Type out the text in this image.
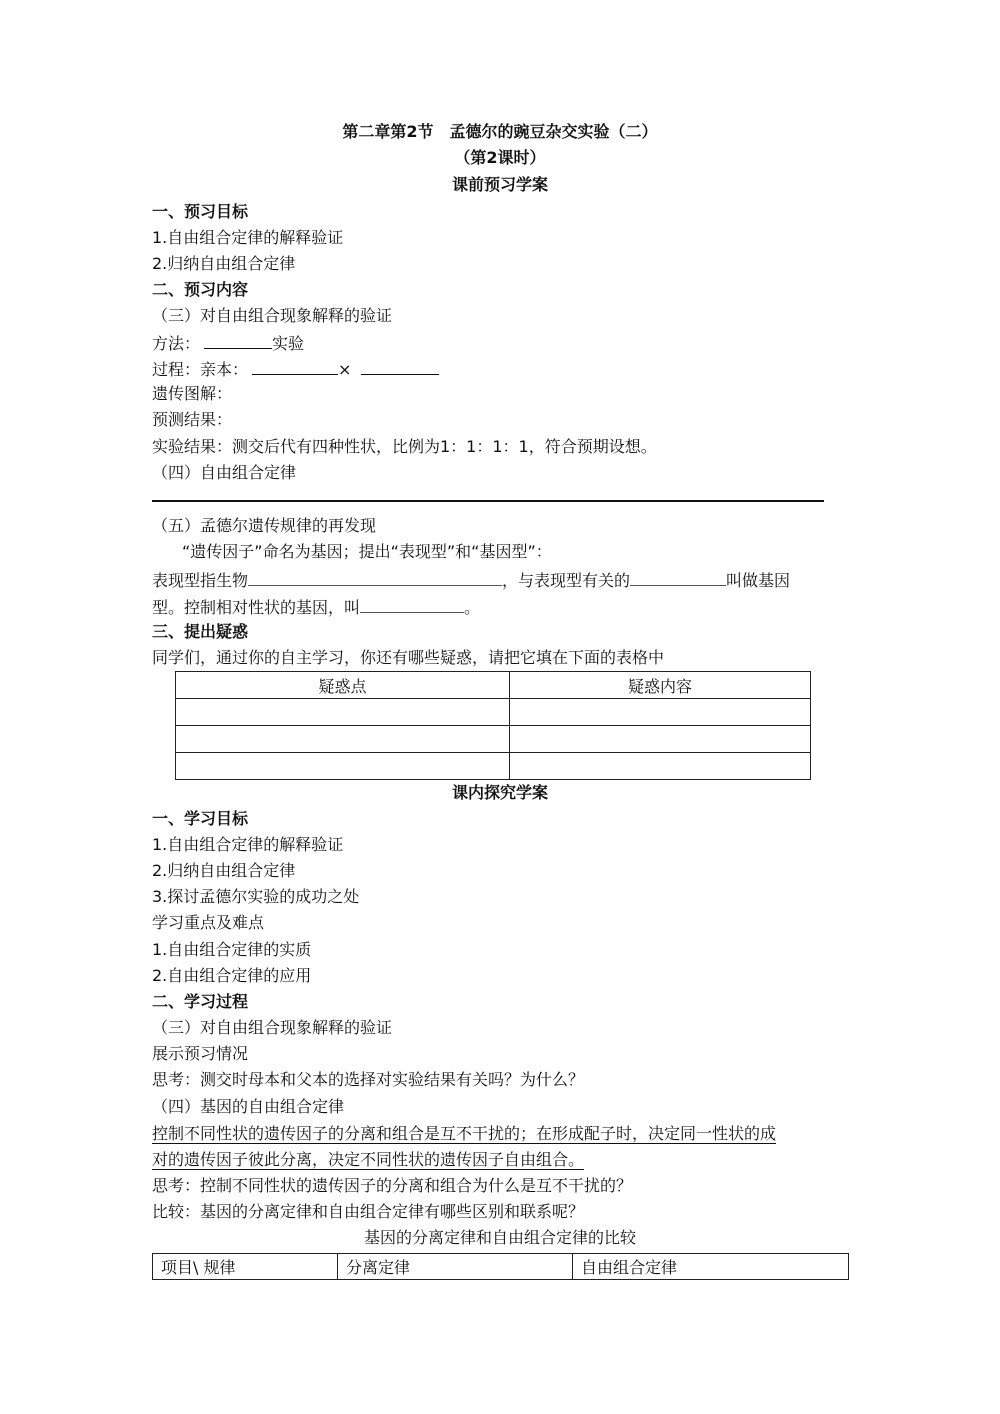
第二章第2节　孟德尔的豌豆杂交实验（二）
（第2课时）
课前预习学案
一、预习目标
1.自由组合定律的解释验证
2.归纳自由组合定律
二、预习内容
（三）对自由组合现象解释的验证
方法：	实验
过程：亲本：	×
遗传图解：
预测结果：
实验结果：测交后代有四种性状，比例为1：1：1：1，符合预期设想。
（四）自由组合定律
（五）孟德尔遗传规律的再发现
“遗传因子”命名为基因；提出“表现型”和“基因型”：
表现型指生物	，与表现型有关的	叫做基因
型。控制相对性状的基因，叫	。
三、提出疑惑
同学们，通过你的自主学习，你还有哪些疑惑，请把它填在下面的表格中
疑惑点	疑惑内容

课内探究学案
一、学习目标
1.自由组合定律的解释验证
2.归纳自由组合定律
3.探讨孟德尔实验的成功之处
学习重点及难点
1.自由组合定律的实质
2.自由组合定律的应用
二、学习过程
（三）对自由组合现象解释的验证
展示预习情况
思考：测交时母本和父本的选择对实验结果有关吗？为什么？
（四）基因的自由组合定律
控制不同性状的遗传因子的分离和组合是互不干扰的；在形成配子时，决定同一性状的成
对的遗传因子彼此分离，决定不同性状的遗传因子自由组合。
思考：控制不同性状的遗传因子的分离和组合为什么是互不干扰的？
比较：基因的分离定律和自由组合定律有哪些区别和联系呢？
基因的分离定律和自由组合定律的比较
项目\ 规律	分离定律	自由组合定律
